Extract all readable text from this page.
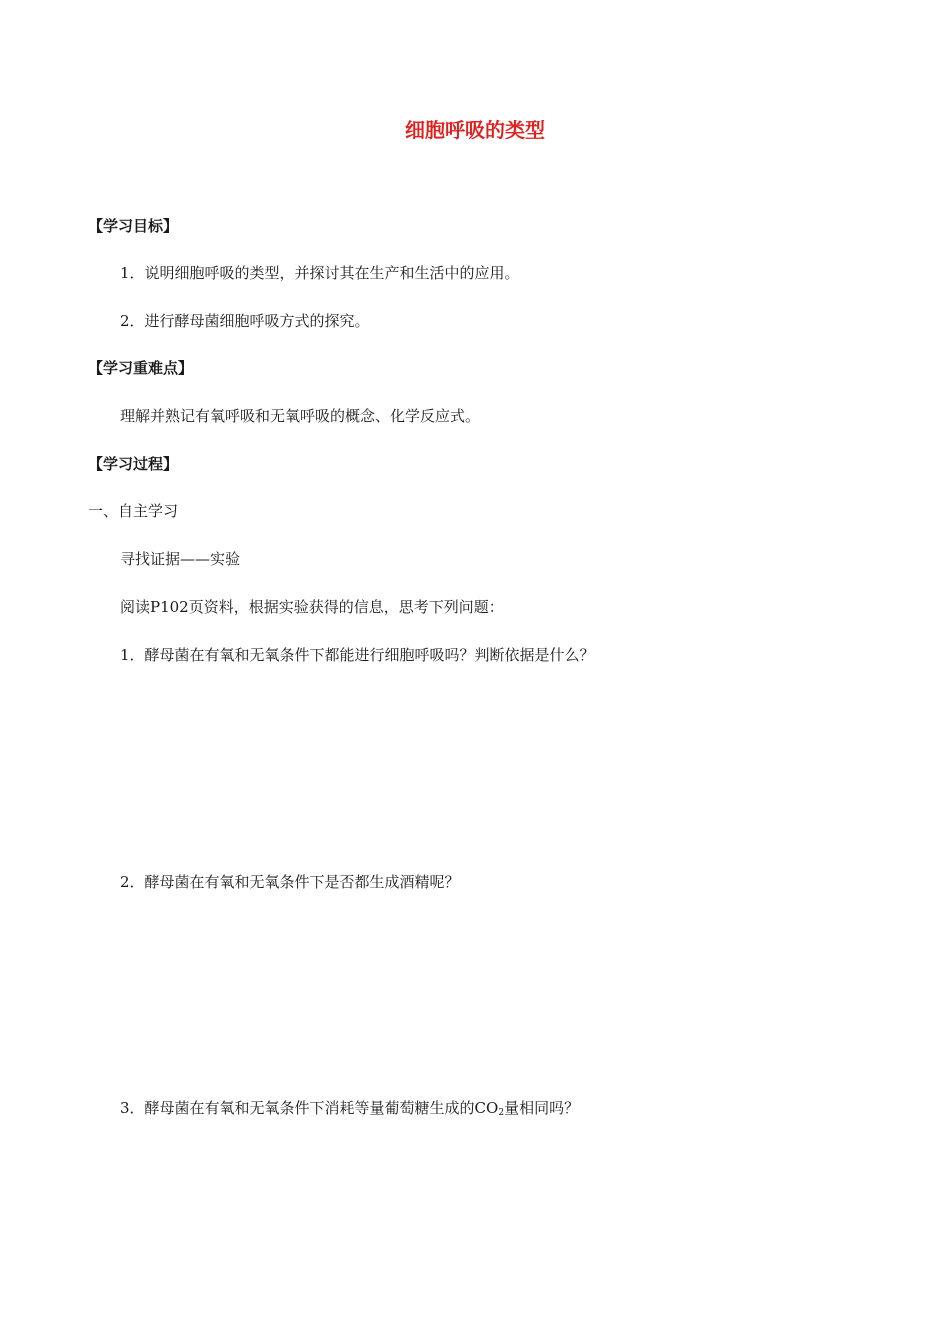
细胞呼吸的类型
【学习目标】
1．说明细胞呼吸的类型，并探讨其在生产和生活中的应用。
2．进行酵母菌细胞呼吸方式的探究。
【学习重难点】
理解并熟记有氧呼吸和无氧呼吸的概念、化学反应式。
【学习过程】
一、自主学习
寻找证据——实验
阅读P102页资料，根据实验获得的信息，思考下列问题：
1．酵母菌在有氧和无氧条件下都能进行细胞呼吸吗？判断依据是什么？
2．酵母菌在有氧和无氧条件下是否都生成酒精呢？
3．酵母菌在有氧和无氧条件下消耗等量葡萄糖生成的$CO_2$量相同吗？
